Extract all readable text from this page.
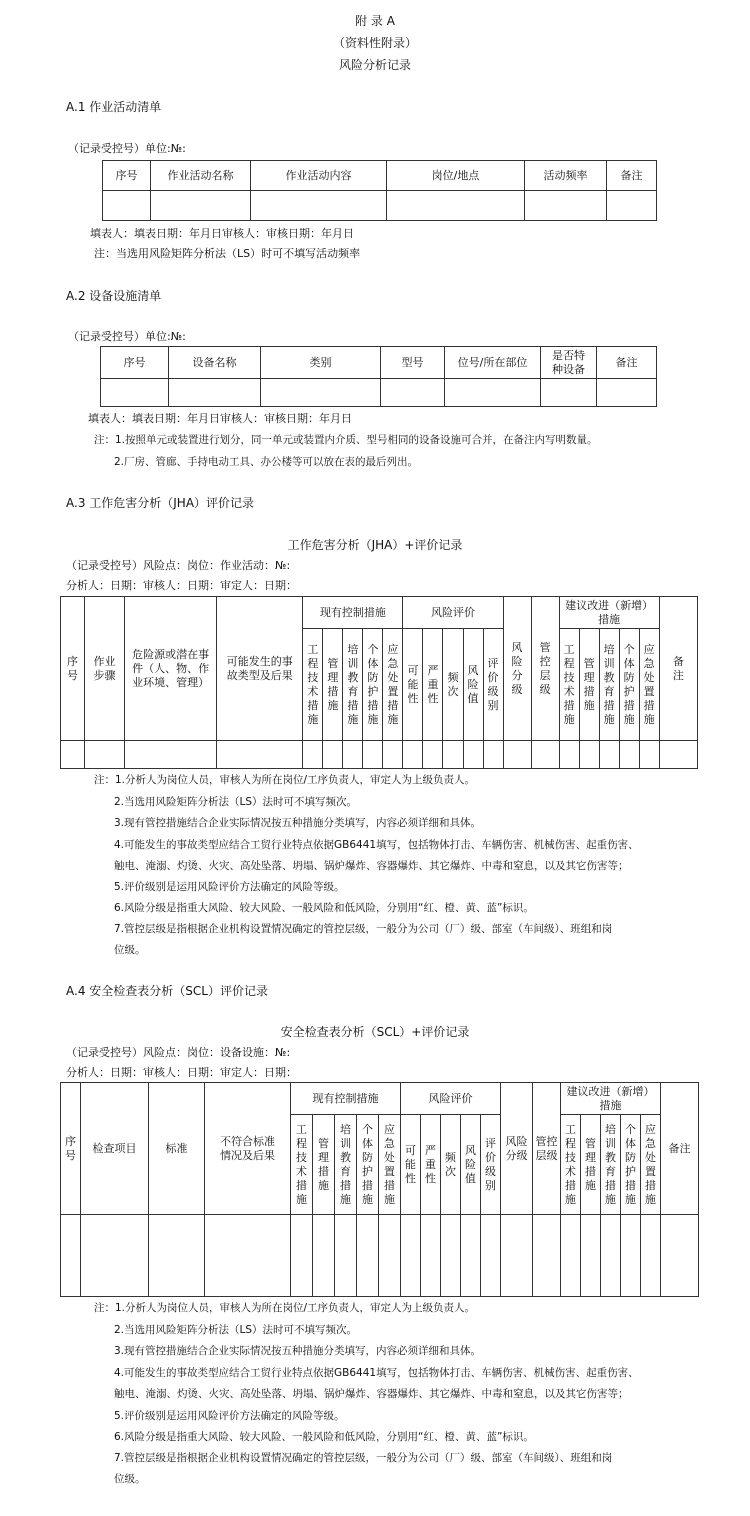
附 录 A
（资料性附录）
风险分析记录
A.1 作业活动清单
（记录受控号）单位:№:
序号	作业活动名称	作业活动内容	岗位/地点	活动频率	备注

填表人：填表日期：年月日审核人：审核日期：年月日
注：当选用风险矩阵分析法（LS）时可不填写活动频率
A.2 设备设施清单
（记录受控号）单位:№:
序号	设备名称	类别	型号	位号/所在部位	是否特种设备	备注

填表人：填表日期：年月日审核人：审核日期：年月日
注：1.按照单元或装置进行划分，同一单元或装置内介质、型号相同的设备设施可合并，在备注内写明数量。
2.厂房、管廊、手持电动工具、办公楼等可以放在表的最后列出。
A.3 工作危害分析（JHA）评价记录
工作危害分析（JHA）+评价记录
（记录受控号）风险点：岗位：作业活动：№:
分析人：日期：审核人：日期：审定人：日期：
序号	作业步骤	危险源或潜在事件（人、物、作业环境、管理）	可能发生的事故类型及后果	现有控制措施					风险评价					风险分级	管控层级	建议改进（新增）措施					备注

				工程技术措施	管理措施	培训教育措施	个体防护措施	应急处置措施	可能性	严重性	频次	风险值	评价级别			工程技术措施	管理措施	培训教育措施	个体防护措施	应急处置措施	

注：1.分析人为岗位人员，审核人为所在岗位/工序负责人，审定人为上级负责人。
2.当选用风险矩阵分析法（LS）法时可不填写频次。
3.现有管控措施结合企业实际情况按五种措施分类填写，内容必须详细和具体。
4.可能发生的事故类型应结合工贸行业特点依据GB6441填写，包括物体打击、车辆伤害、机械伤害、起重伤害、
触电、淹溺、灼烫、火灾、高处坠落、坍塌、锅炉爆炸、容器爆炸、其它爆炸、中毒和窒息，以及其它伤害等；
5.评价级别是运用风险评价方法确定的风险等级。
6.风险分级是指重大风险、较大风险、一般风险和低风险，分别用“红、橙、黄、蓝”标识。
7.管控层级是指根据企业机构设置情况确定的管控层级，一般分为公司（厂）级、部室（车间级）、班组和岗
位级。
A.4 安全检查表分析（SCL）评价记录
安全检查表分析（SCL）+评价记录
（记录受控号）风险点：岗位：设备设施：№:
分析人：日期：审核人：日期：审定人：日期：
序号	检查项目	标准	不符合标准情况及后果	现有控制措施					风险评价					风险分级	管控层级	建议改进（新增）措施					备注

				工程技术措施	管理措施	培训教育措施	个体防护措施	应急处置措施	可能性	严重性	频次	风险值	评价级别			工程技术措施	管理措施	培训教育措施	个体防护措施	应急处置措施	

注：1.分析人为岗位人员，审核人为所在岗位/工序负责人，审定人为上级负责人。
2.当选用风险矩阵分析法（LS）法时可不填写频次。
3.现有管控措施结合企业实际情况按五种措施分类填写，内容必须详细和具体。
4.可能发生的事故类型应结合工贸行业特点依据GB6441填写，包括物体打击、车辆伤害、机械伤害、起重伤害、
触电、淹溺、灼烫、火灾、高处坠落、坍塌、锅炉爆炸、容器爆炸、其它爆炸、中毒和窒息，以及其它伤害等；
5.评价级别是运用风险评价方法确定的风险等级。
6.风险分级是指重大风险、较大风险、一般风险和低风险，分别用“红、橙、黄、蓝”标识。
7.管控层级是指根据企业机构设置情况确定的管控层级，一般分为公司（厂）级、部室（车间级）、班组和岗
位级。
